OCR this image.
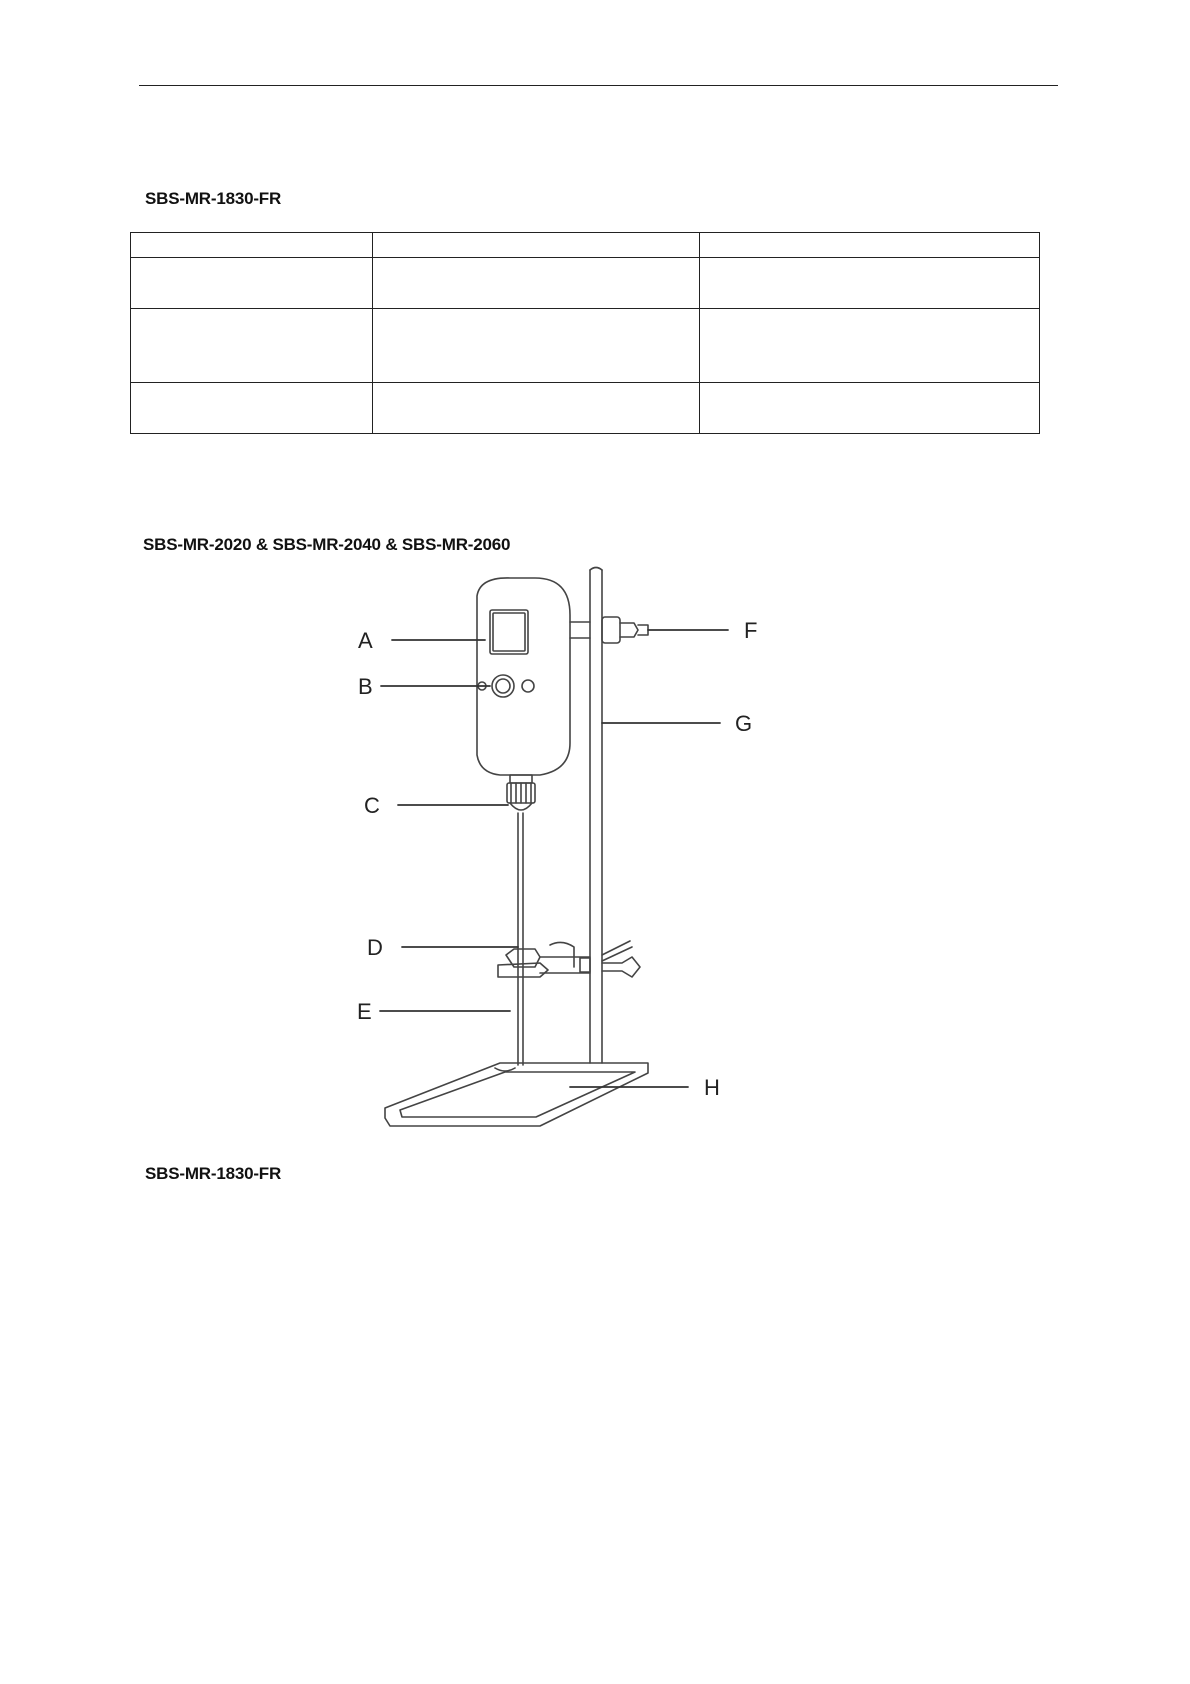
SBS-MR-1830-FR

SBS-MR-2020 & SBS-MR-2040 & SBS-MR-2060
A
B
C
D
E
F
G
H
SBS-MR-1830-FR
